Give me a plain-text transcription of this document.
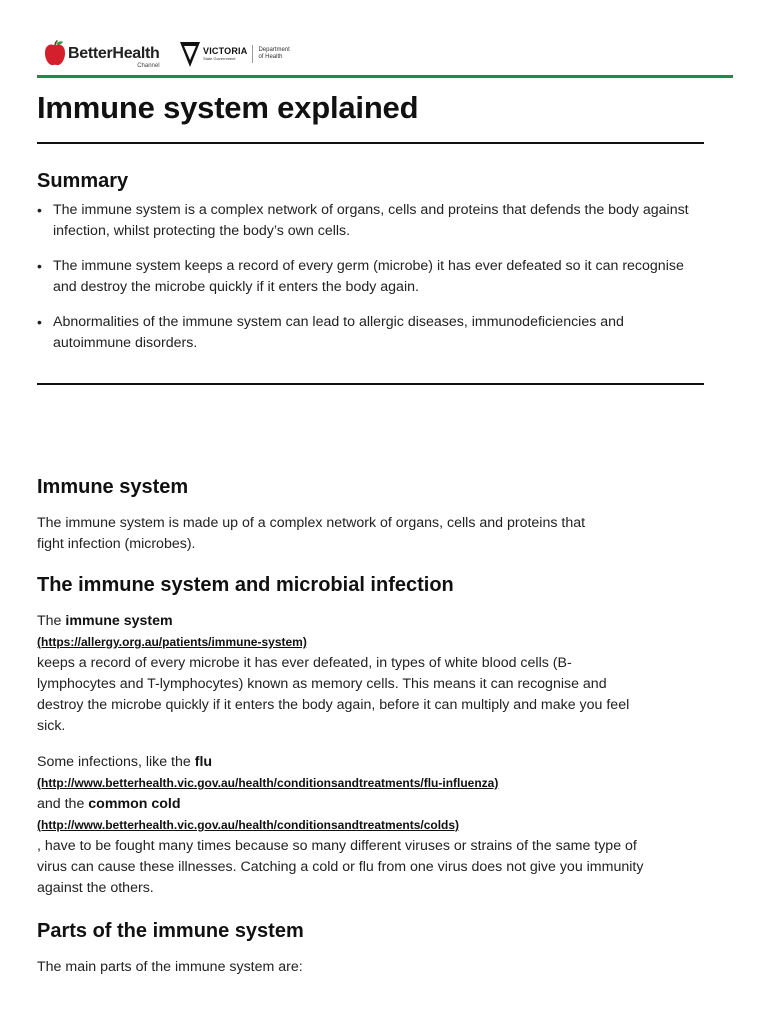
BetterHealth
Channel
VICTORIA
State Government
Department
of Health
Immune system explained
Summary
• The immune system is a complex network of organs, cells and proteins that defends the body against infection, whilst protecting the body’s own cells.
• The immune system keeps a record of every germ (microbe) it has ever defeated so it can recognise and destroy the microbe quickly if it enters the body again.
• Abnormalities of the immune system can lead to allergic diseases, immunodeficiencies and autoimmune disorders.
Immune system

The immune system is made up of a complex network of organs, cells and proteins that fight infection (microbes).

The immune system and microbial infection
The immune system
(https://allergy.org.au/patients/immune-system)
keeps a record of every microbe it has ever defeated, in types of white blood cells (B-lymphocytes and T-lymphocytes) known as memory cells. This means it can recognise and destroy the microbe quickly if it enters the body again, before it can multiply and make you feel sick.
Some infections, like the flu
(http://www.betterhealth.vic.gov.au/health/conditionsandtreatments/flu-influenza)
and the common cold
(http://www.betterhealth.vic.gov.au/health/conditionsandtreatments/colds)
, have to be fought many times because so many different viruses or strains of the same type of virus can cause these illnesses. Catching a cold or flu from one virus does not give you immunity against the others.
Parts of the immune system

The main parts of the immune system are:
